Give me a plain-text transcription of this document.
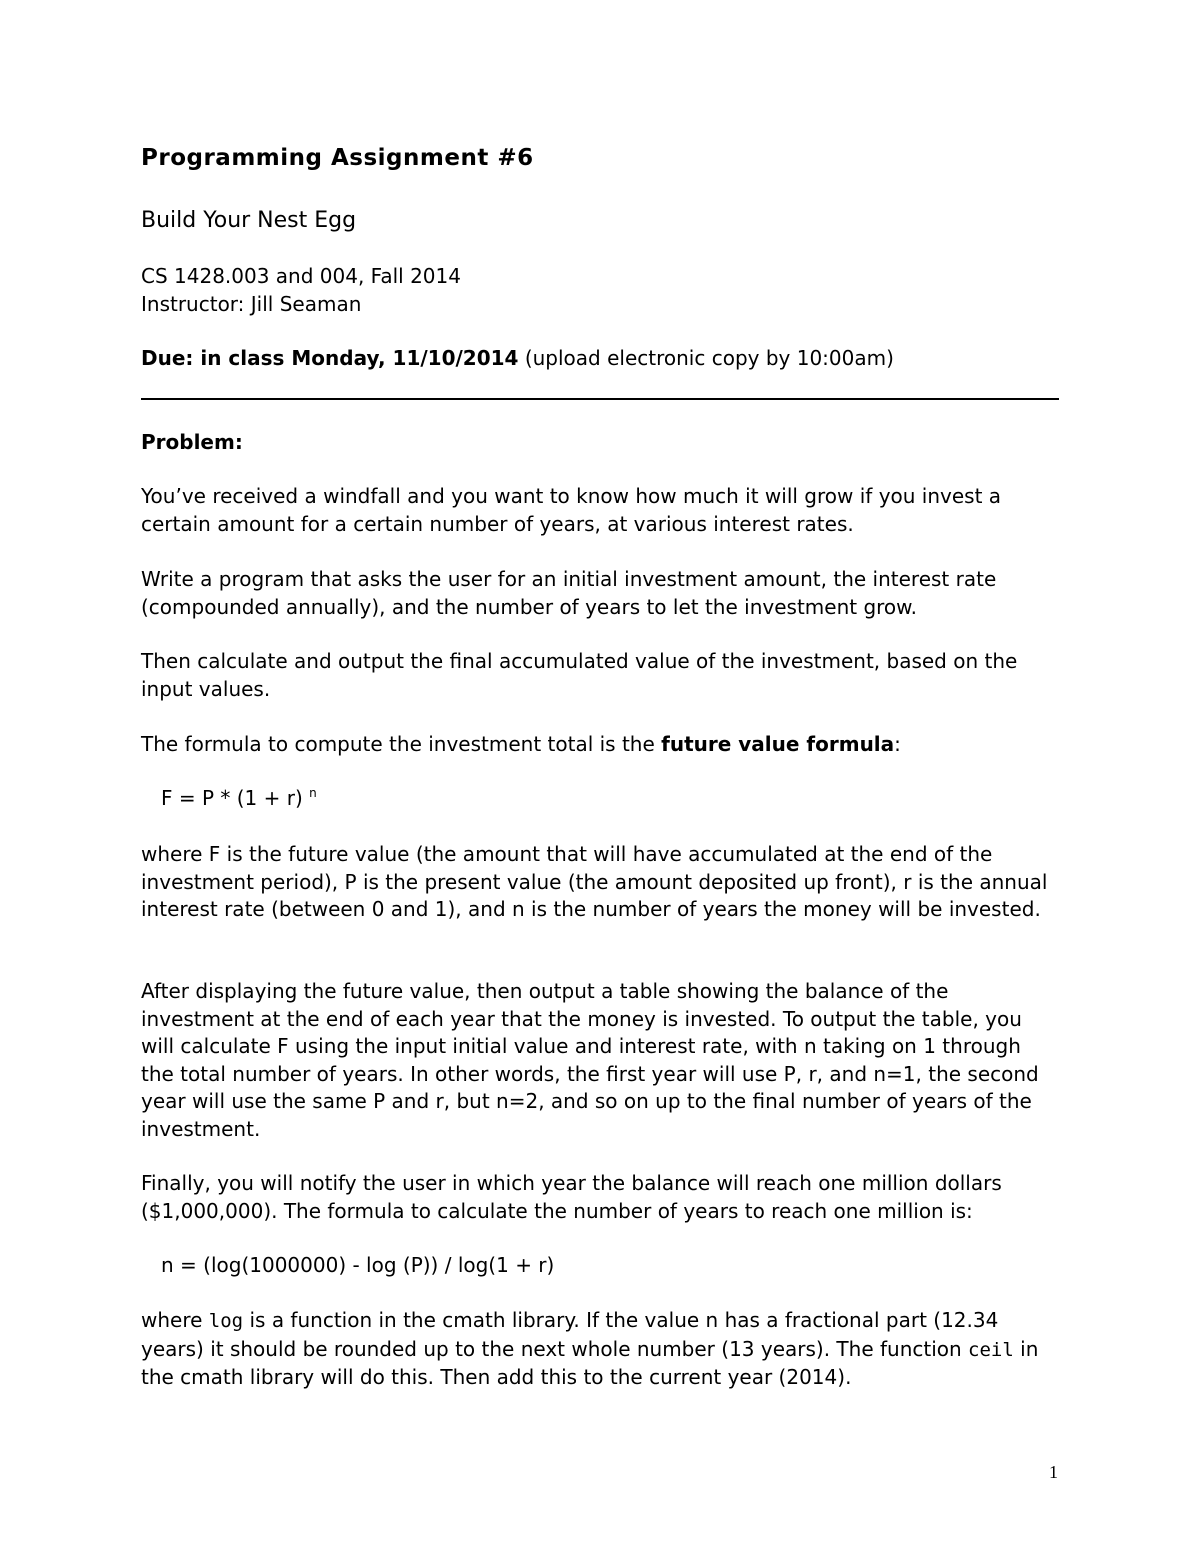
Programming Assignment #6
Build Your Nest Egg
CS 1428.003 and 004, Fall 2014
Instructor: Jill Seaman
Due: in class Monday, 11/10/2014 (upload electronic copy by 10:00am)
Problem:

You’ve received a windfall and you want to know how much it will grow if you invest a certain amount for a certain number of years, at various interest rates.

Write a program that asks the user for an initial investment amount, the interest rate (compounded annually), and the number of years to let the investment grow.

Then calculate and output the final accumulated value of the investment, based on the input values.

The formula to compute the investment total is the future value formula:

F = P * (1 + r) $^n$

where F is the future value (the amount that will have accumulated at the end of the investment period), P is the present value (the amount deposited up front), r is the annual interest rate (between 0 and 1), and n is the number of years the money will be invested.

After displaying the future value, then output a table showing the balance of the investment at the end of each year that the money is invested. To output the table, you will calculate F using the input initial value and interest rate, with n taking on 1 through the total number of years. In other words, the first year will use P, r, and n=1, the second year will use the same P and r, but n=2, and so on up to the final number of years of the investment.

Finally, you will notify the user in which year the balance will reach one million dollars ($1,000,000). The formula to calculate the number of years to reach one million is:

n = (log(1000000) - log (P)) / log(1 + r)

where log is a function in the cmath library. If the value n has a fractional part (12.34 years) it should be rounded up to the next whole number (13 years). The function ceil in the cmath library will do this. Then add this to the current year (2014).

1
